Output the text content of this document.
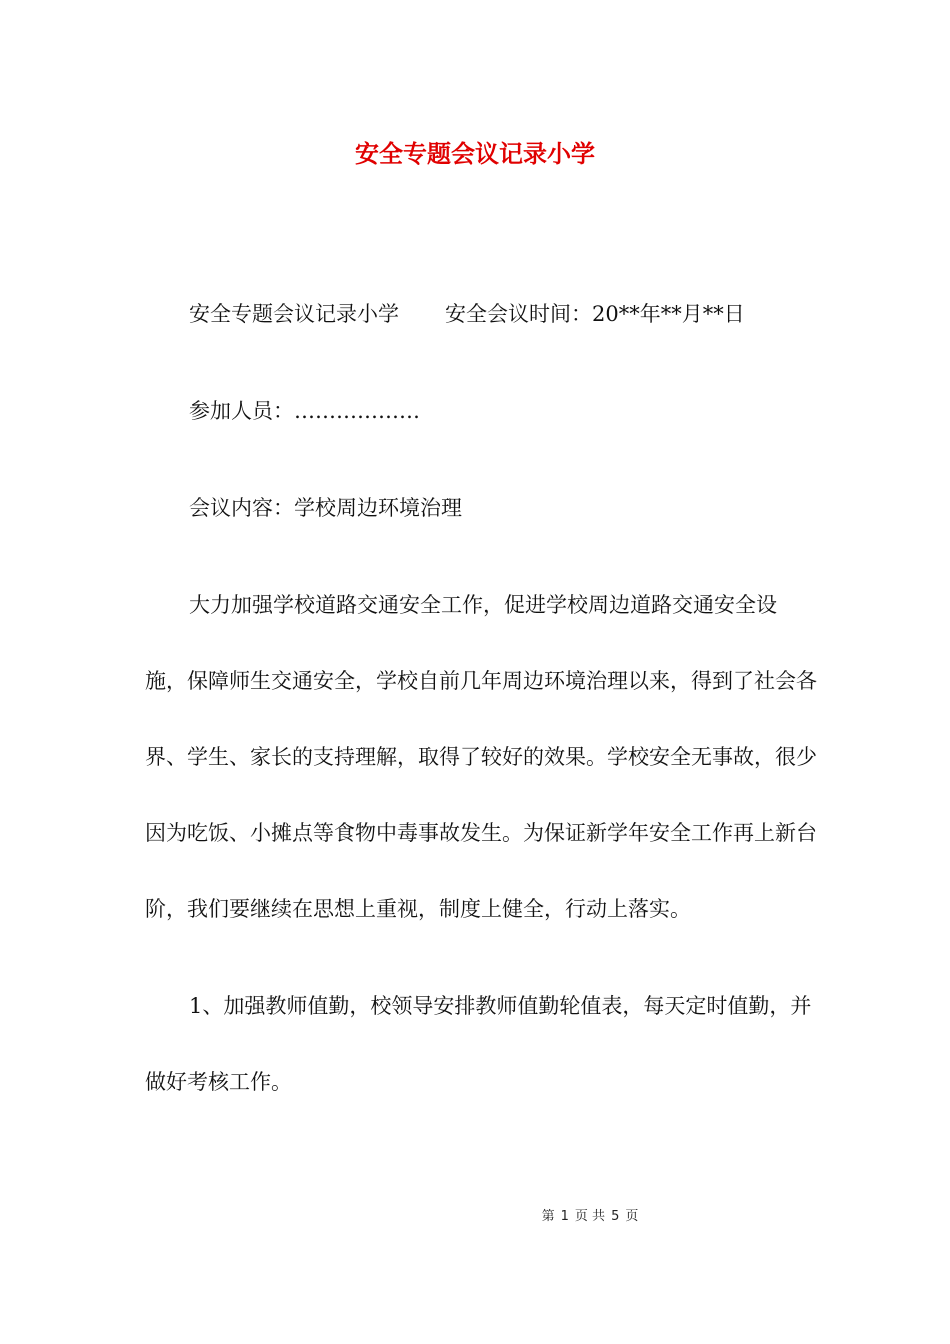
安全专题会议记录小学

安全专题会议记录小学 安全会议时间：20**年**月**日

参加人员：………………

会议内容：学校周边环境治理

大力加强学校道路交通安全工作，促进学校周边道路交通安全设施，保障师生交通安全，学校自前几年周边环境治理以来，得到了社会各界、学生、家长的支持理解，取得了较好的效果。学校安全无事故，很少因为吃饭、小摊点等食物中毒事故发生。为保证新学年安全工作再上新台阶，我们要继续在思想上重视，制度上健全，行动上落实。

1、加强教师值勤，校领导安排教师值勤轮值表，每天定时值勤，并做好考核工作。

第 1 页 共 5 页
